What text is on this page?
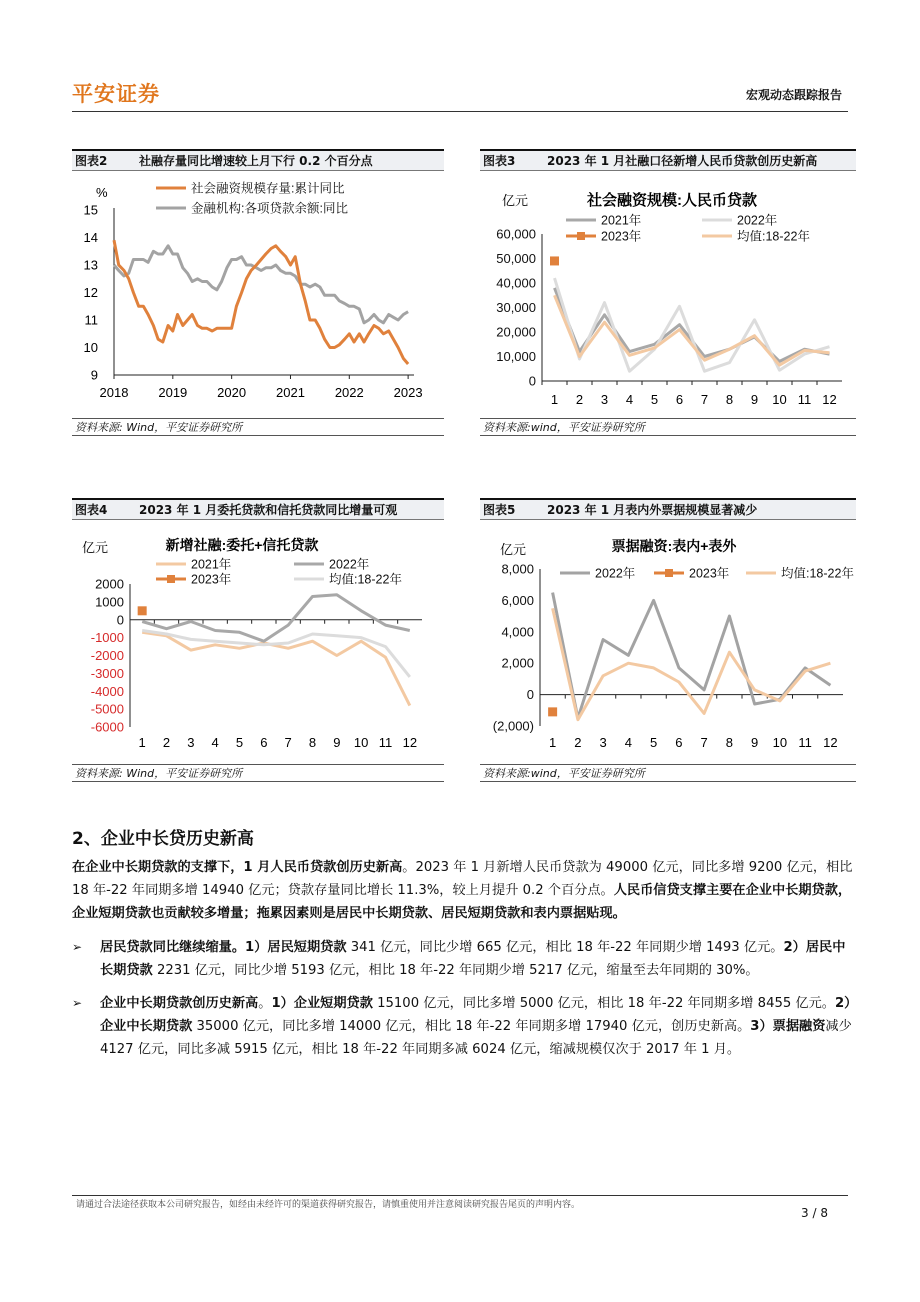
平安证券	宏观动态跟踪报告
图表2	社融存量同比增速较上月下行 0.2 个百分点
%
9
10
11
12
13
14
15
2018 2019 2020 2021 2022 2023
社会融资规模存量:累计同比
金融机构:各项贷款余额:同比
资料来源: Wind，平安证券研究所
图表3	2023 年 1 月社融口径新增人民币贷款创历史新高
亿元	社会融资规模:人民币贷款
0
10,000
20,000
30,000
40,000
50,000
60,000
1 2 3 4 5 6 7 8 9 10 11 12
2021年	2022年
2023年	均值:18-22年
资料来源:wind，平安证券研究所
图表4	2023 年 1 月委托贷款和信托贷款同比增量可观
亿元	新增社融:委托+信托贷款
-6000
-5000
-4000
-3000
-2000
-1000
0
1000
2000
1 2 3 4 5 6 7 8 9 10 11 12
2021年	2022年
2023年	均值:18-22年
资料来源: Wind，平安证券研究所
图表5	2023 年 1 月表内外票据规模显著减少
亿元	票据融资:表内+表外
(2,000)
0
2,000
4,000
6,000
8,000
1 2 3 4 5 6 7 8 9 10 11 12
2022年	2023年	均值:18-22年
资料来源:wind，平安证券研究所
2、企业中长贷历史新高
在企业中长期贷款的支撑下，1 月人民币贷款创历史新高。2023 年 1 月新增人民币贷款为 49000 亿元，同比多增 9200 亿元，相比 18 年-22 年同期多增 14940 亿元；贷款存量同比增长 11.3%，较上月提升 0.2 个百分点。人民币信贷支撑主要在企业中长期贷款，企业短期贷款也贡献较多增量；拖累因素则是居民中长期贷款、居民短期贷款和表内票据贴现。
➢ 居民贷款同比继续缩量。1）居民短期贷款 341 亿元，同比少增 665 亿元，相比 18 年-22 年同期少增 1493 亿元。2）居民中长期贷款 2231 亿元，同比少增 5193 亿元，相比 18 年-22 年同期少增 5217 亿元，缩量至去年同期的 30%。
➢ 企业中长期贷款创历史新高。1）企业短期贷款 15100 亿元，同比多增 5000 亿元，相比 18 年-22 年同期多增 8455 亿元。2）企业中长期贷款 35000 亿元，同比多增 14000 亿元，相比 18 年-22 年同期多增 17940 亿元，创历史新高。3）票据融资减少 4127 亿元，同比多减 5915 亿元，相比 18 年-22 年同期多减 6024 亿元，缩减规模仅次于 2017 年 1 月。
请通过合法途径获取本公司研究报告，如经由未经许可的渠道获得研究报告，请慎重使用并注意阅读研究报告尾页的声明内容。
3 / 8
